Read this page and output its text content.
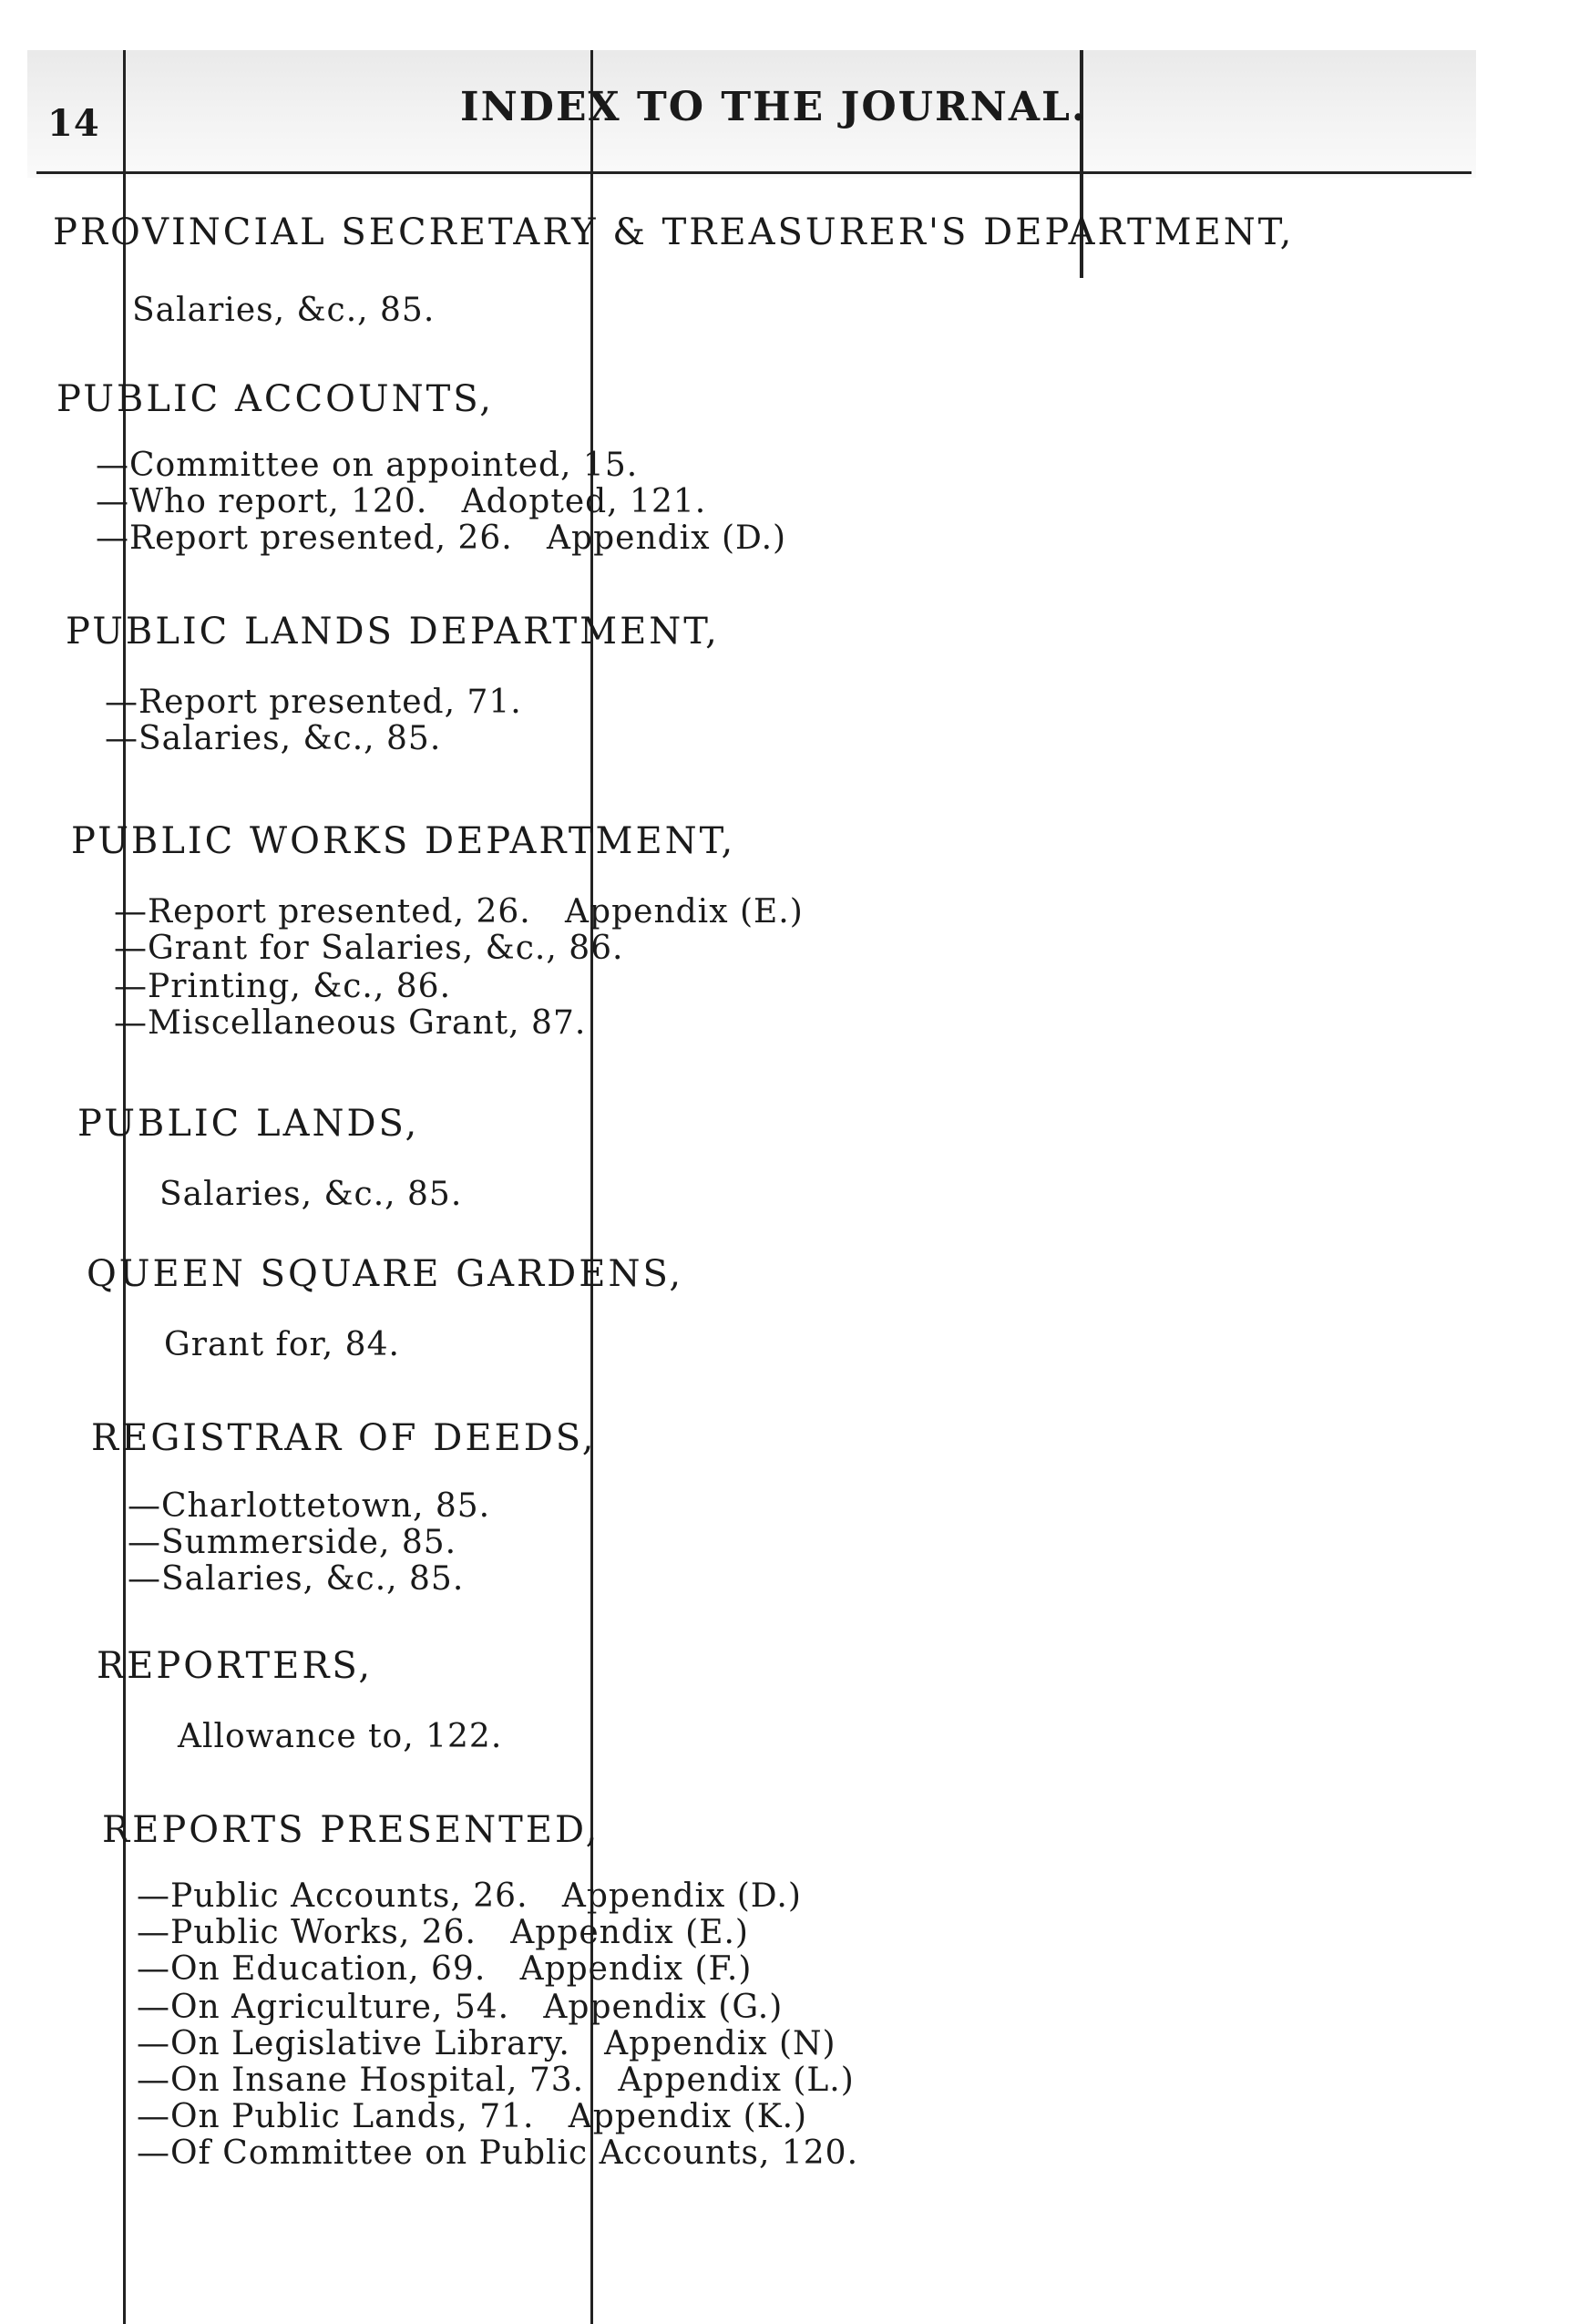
14	INDEX TO THE JOURNAL.
PROVINCIAL SECRETARY & TREASURER'S DEPARTMENT,
Salaries, &c., 85.
PUBLIC ACCOUNTS,
— Committee on appointed, 15.
— Who report, 120.   Adopted, 121.
— Report presented, 26.   Appendix (D.)
PUBLIC LANDS DEPARTMENT,
— Report presented, 71.
— Salaries, &c., 85.
PUBLIC WORKS DEPARTMENT,
— Report presented, 26.   Appendix (E.)
— Grant for Salaries, &c., 86.
— Printing, &c., 86.
— Miscellaneous Grant, 87.
PUBLIC LANDS,
Salaries, &c., 85.
QUEEN SQUARE GARDENS,
Grant for, 84.
REGISTRAR OF DEEDS,
— Charlottetown, 85.
— Summerside, 85.
— Salaries, &c., 85.
REPORTERS,
Allowance to, 122.
REPORTS PRESENTED,
— Public Accounts, 26.   Appendix (D.)
— Public Works, 26.   Appendix (E.)
— On Education, 69.   Appendix (F.)
— On Agriculture, 54.   Appendix (G.)
— On Legislative Library.   Appendix (N)
— On Insane Hospital, 73.   Appendix (L.)
— On Public Lands, 71.   Appendix (K.)
— Of Committee on Public Accounts, 120.
